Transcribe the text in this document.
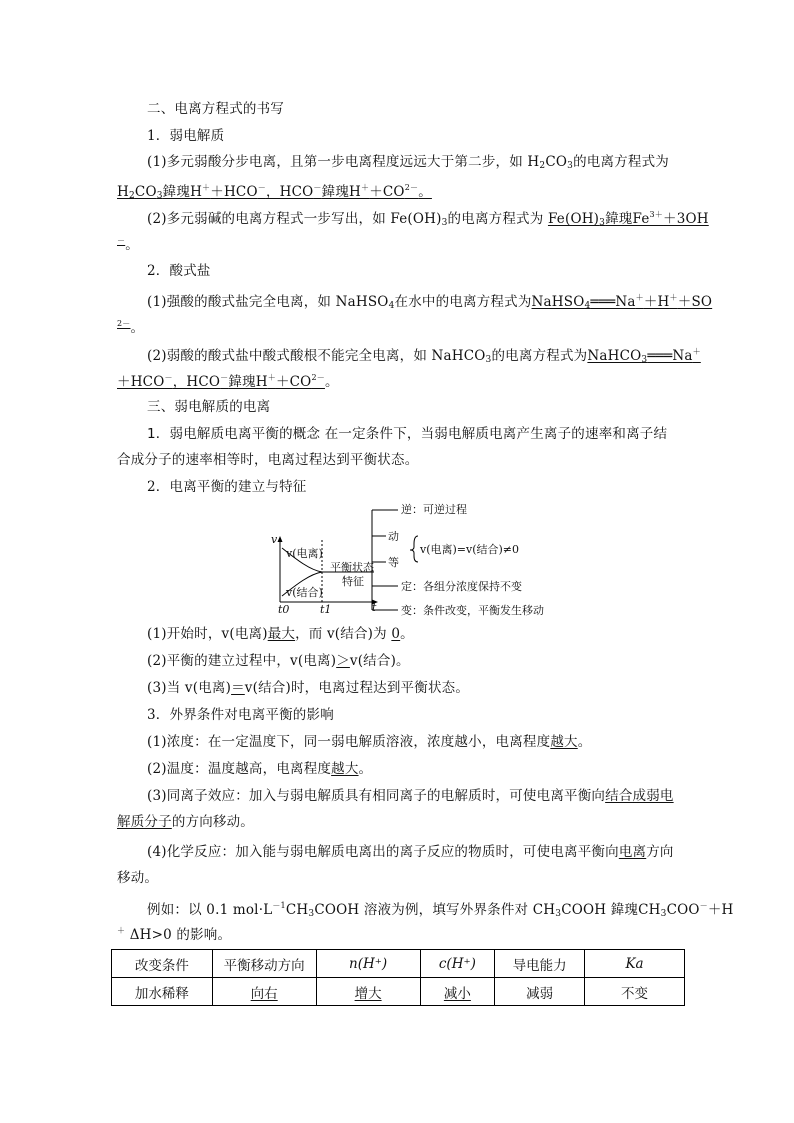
二、电离方程式的书写
1．弱电解质
(1)多元弱酸分步电离，且第一步电离程度远远大于第二步，如 $H_2CO_3$的电离方程式为
$H_2CO_3$鍏瑰H＋＋HCO－，HCO－鍏瑰$H^++CO^{2-}$。
(2)多元弱碱的电离方程式一步写出，如 $Fe(OH)_3$的电离方程式为 $Fe(OH)_3$鍏瑰$Fe^{3+}+3OH$
－。
2．酸式盐
(1)强酸的酸式盐完全电离，如 NaHSO$_4$在水中的电离方程式为NaHSO$_4$═══Na＋＋H＋＋SO
$^{2-}$。
(2)弱酸的酸式盐中酸式酸根不能完全电离，如 NaHCO$_3$的电离方程式为NaHCO$_3$═══Na＋
＋HCO－，HCO－鍏瑰$H^++CO^{2-}$。
三、弱电解质的电离
1．弱电解质电离平衡的概念 在一定条件下，当弱电解质电离产生离子的速率和离子结
合成分子的速率相等时，电离过程达到平衡状态。
2．电离平衡的建立与特征
v
v(电离)
v(结合)
t0	t1	t
平衡状态
特征
逆：可逆过程
动
等
v(电离)=v(结合)≠0
定：各组分浓度保持不变
变：条件改变，平衡发生移动
(1)开始时，v(电离)最大，而 v(结合)为 0。
(2)平衡的建立过程中，v(电离)＞v(结合)。
(3)当 v(电离)＝v(结合)时，电离过程达到平衡状态。
3．外界条件对电离平衡的影响
(1)浓度：在一定温度下，同一弱电解质溶液，浓度越小，电离程度越大。
(2)温度：温度越高，电离程度越大。
(3)同离子效应：加入与弱电解质具有相同离子的电解质时，可使电离平衡向结合成弱电
解质分子的方向移动。
(4)化学反应：加入能与弱电解质电离出的离子反应的物质时，可使电离平衡向电离方向
移动。
例如：以 0.1 $mol\cdot L^{-1}CH_3COOH$ 溶液为例，填写外界条件对 $CH_3COOH$ 鍏瑰$CH_3COO^-+H$
＋ ΔH>0 的影响。
改变条件	平衡移动方向	n(H⁺)	c(H⁺)	导电能力	Ka
加水稀释	向右	增大	减小	减弱	不变
